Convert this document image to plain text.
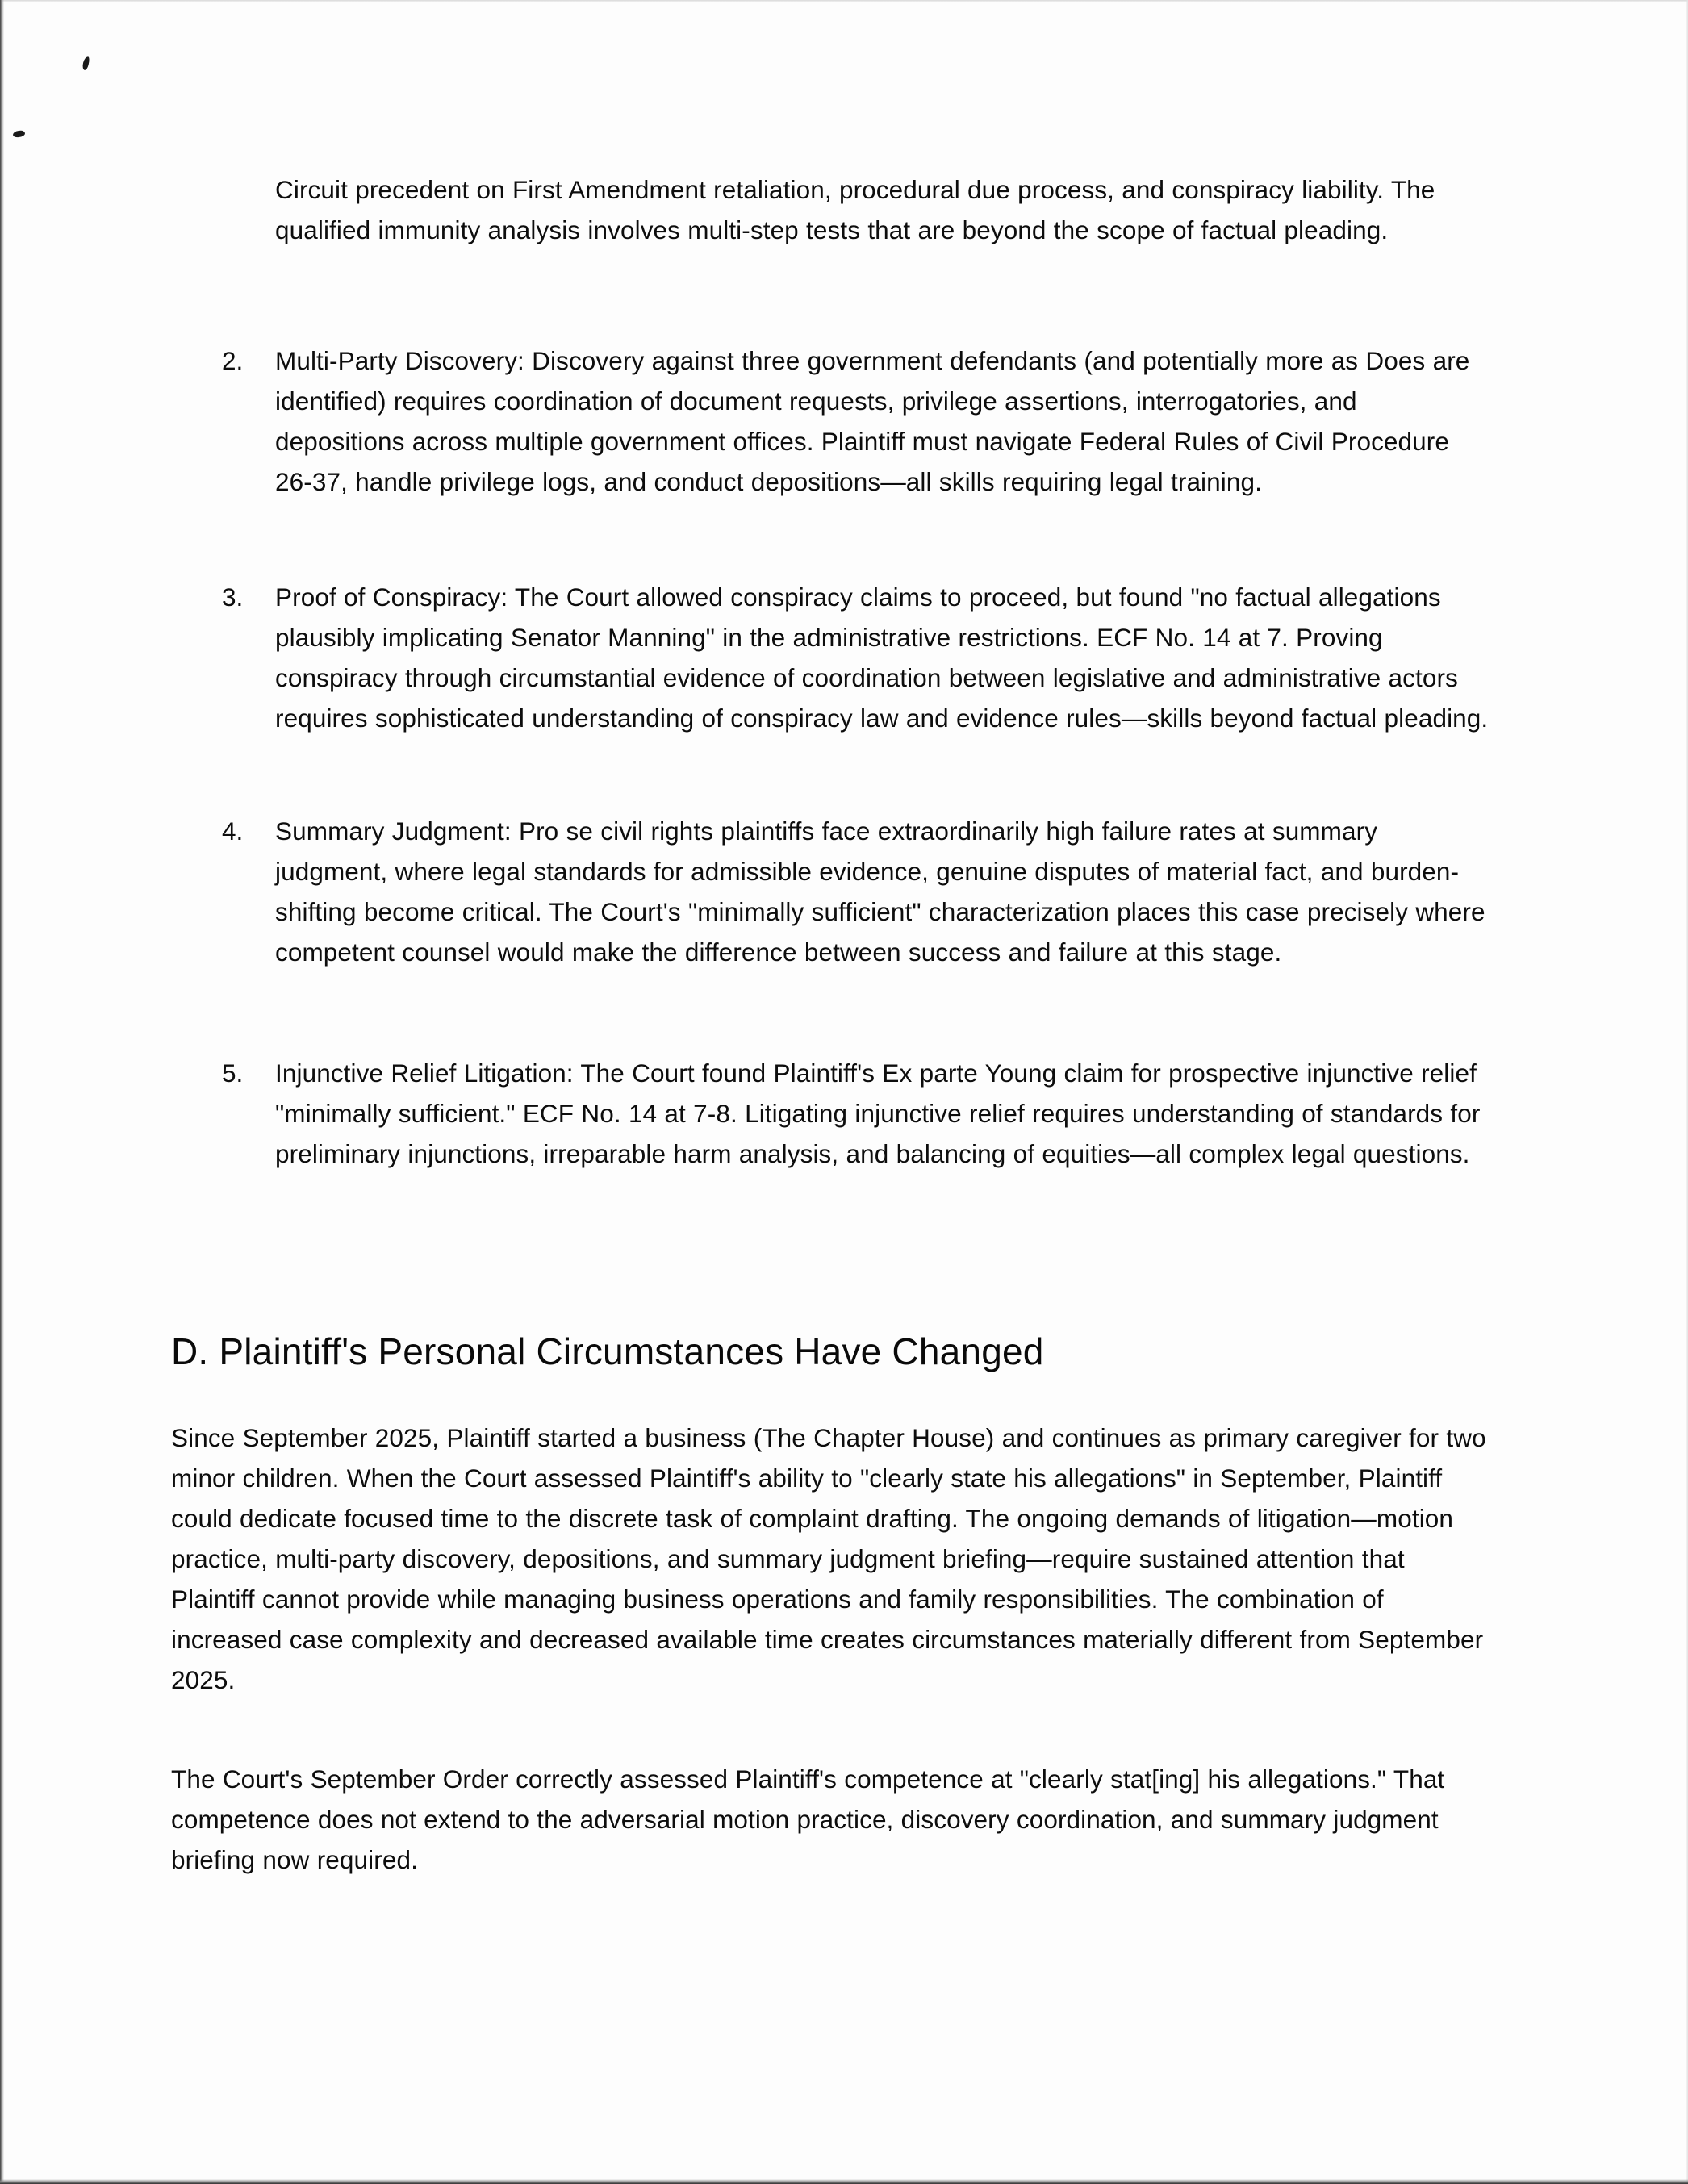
Circuit precedent on First Amendment retaliation, procedural due process, and conspiracy liability. The qualified immunity analysis involves multi-step tests that are beyond the scope of factual pleading.
2.	Multi-Party Discovery: Discovery against three government defendants (and potentially more as Does are identified) requires coordination of document requests, privilege assertions, interrogatories, and depositions across multiple government offices. Plaintiff must navigate Federal Rules of Civil Procedure 26-37, handle privilege logs, and conduct depositions—all skills requiring legal training.
3.	Proof of Conspiracy: The Court allowed conspiracy claims to proceed, but found "no factual allegations plausibly implicating Senator Manning" in the administrative restrictions. ECF No. 14 at 7. Proving conspiracy through circumstantial evidence of coordination between legislative and administrative actors requires sophisticated understanding of conspiracy law and evidence rules—skills beyond factual pleading.
4.	Summary Judgment: Pro se civil rights plaintiffs face extraordinarily high failure rates at summary judgment, where legal standards for admissible evidence, genuine disputes of material fact, and burden-shifting become critical. The Court's "minimally sufficient" characterization places this case precisely where competent counsel would make the difference between success and failure at this stage.
5.	Injunctive Relief Litigation: The Court found Plaintiff's Ex parte Young claim for prospective injunctive relief "minimally sufficient." ECF No. 14 at 7-8. Litigating injunctive relief requires understanding of standards for preliminary injunctions, irreparable harm analysis, and balancing of equities—all complex legal questions.
D. Plaintiff's Personal Circumstances Have Changed
Since September 2025, Plaintiff started a business (The Chapter House) and continues as primary caregiver for two minor children. When the Court assessed Plaintiff's ability to "clearly state his allegations" in September, Plaintiff could dedicate focused time to the discrete task of complaint drafting. The ongoing demands of litigation—motion practice, multi-party discovery, depositions, and summary judgment briefing—require sustained attention that Plaintiff cannot provide while managing business operations and family responsibilities. The combination of increased case complexity and decreased available time creates circumstances materially different from September 2025.
The Court's September Order correctly assessed Plaintiff's competence at "clearly stat[ing] his allegations." That competence does not extend to the adversarial motion practice, discovery coordination, and summary judgment briefing now required.
